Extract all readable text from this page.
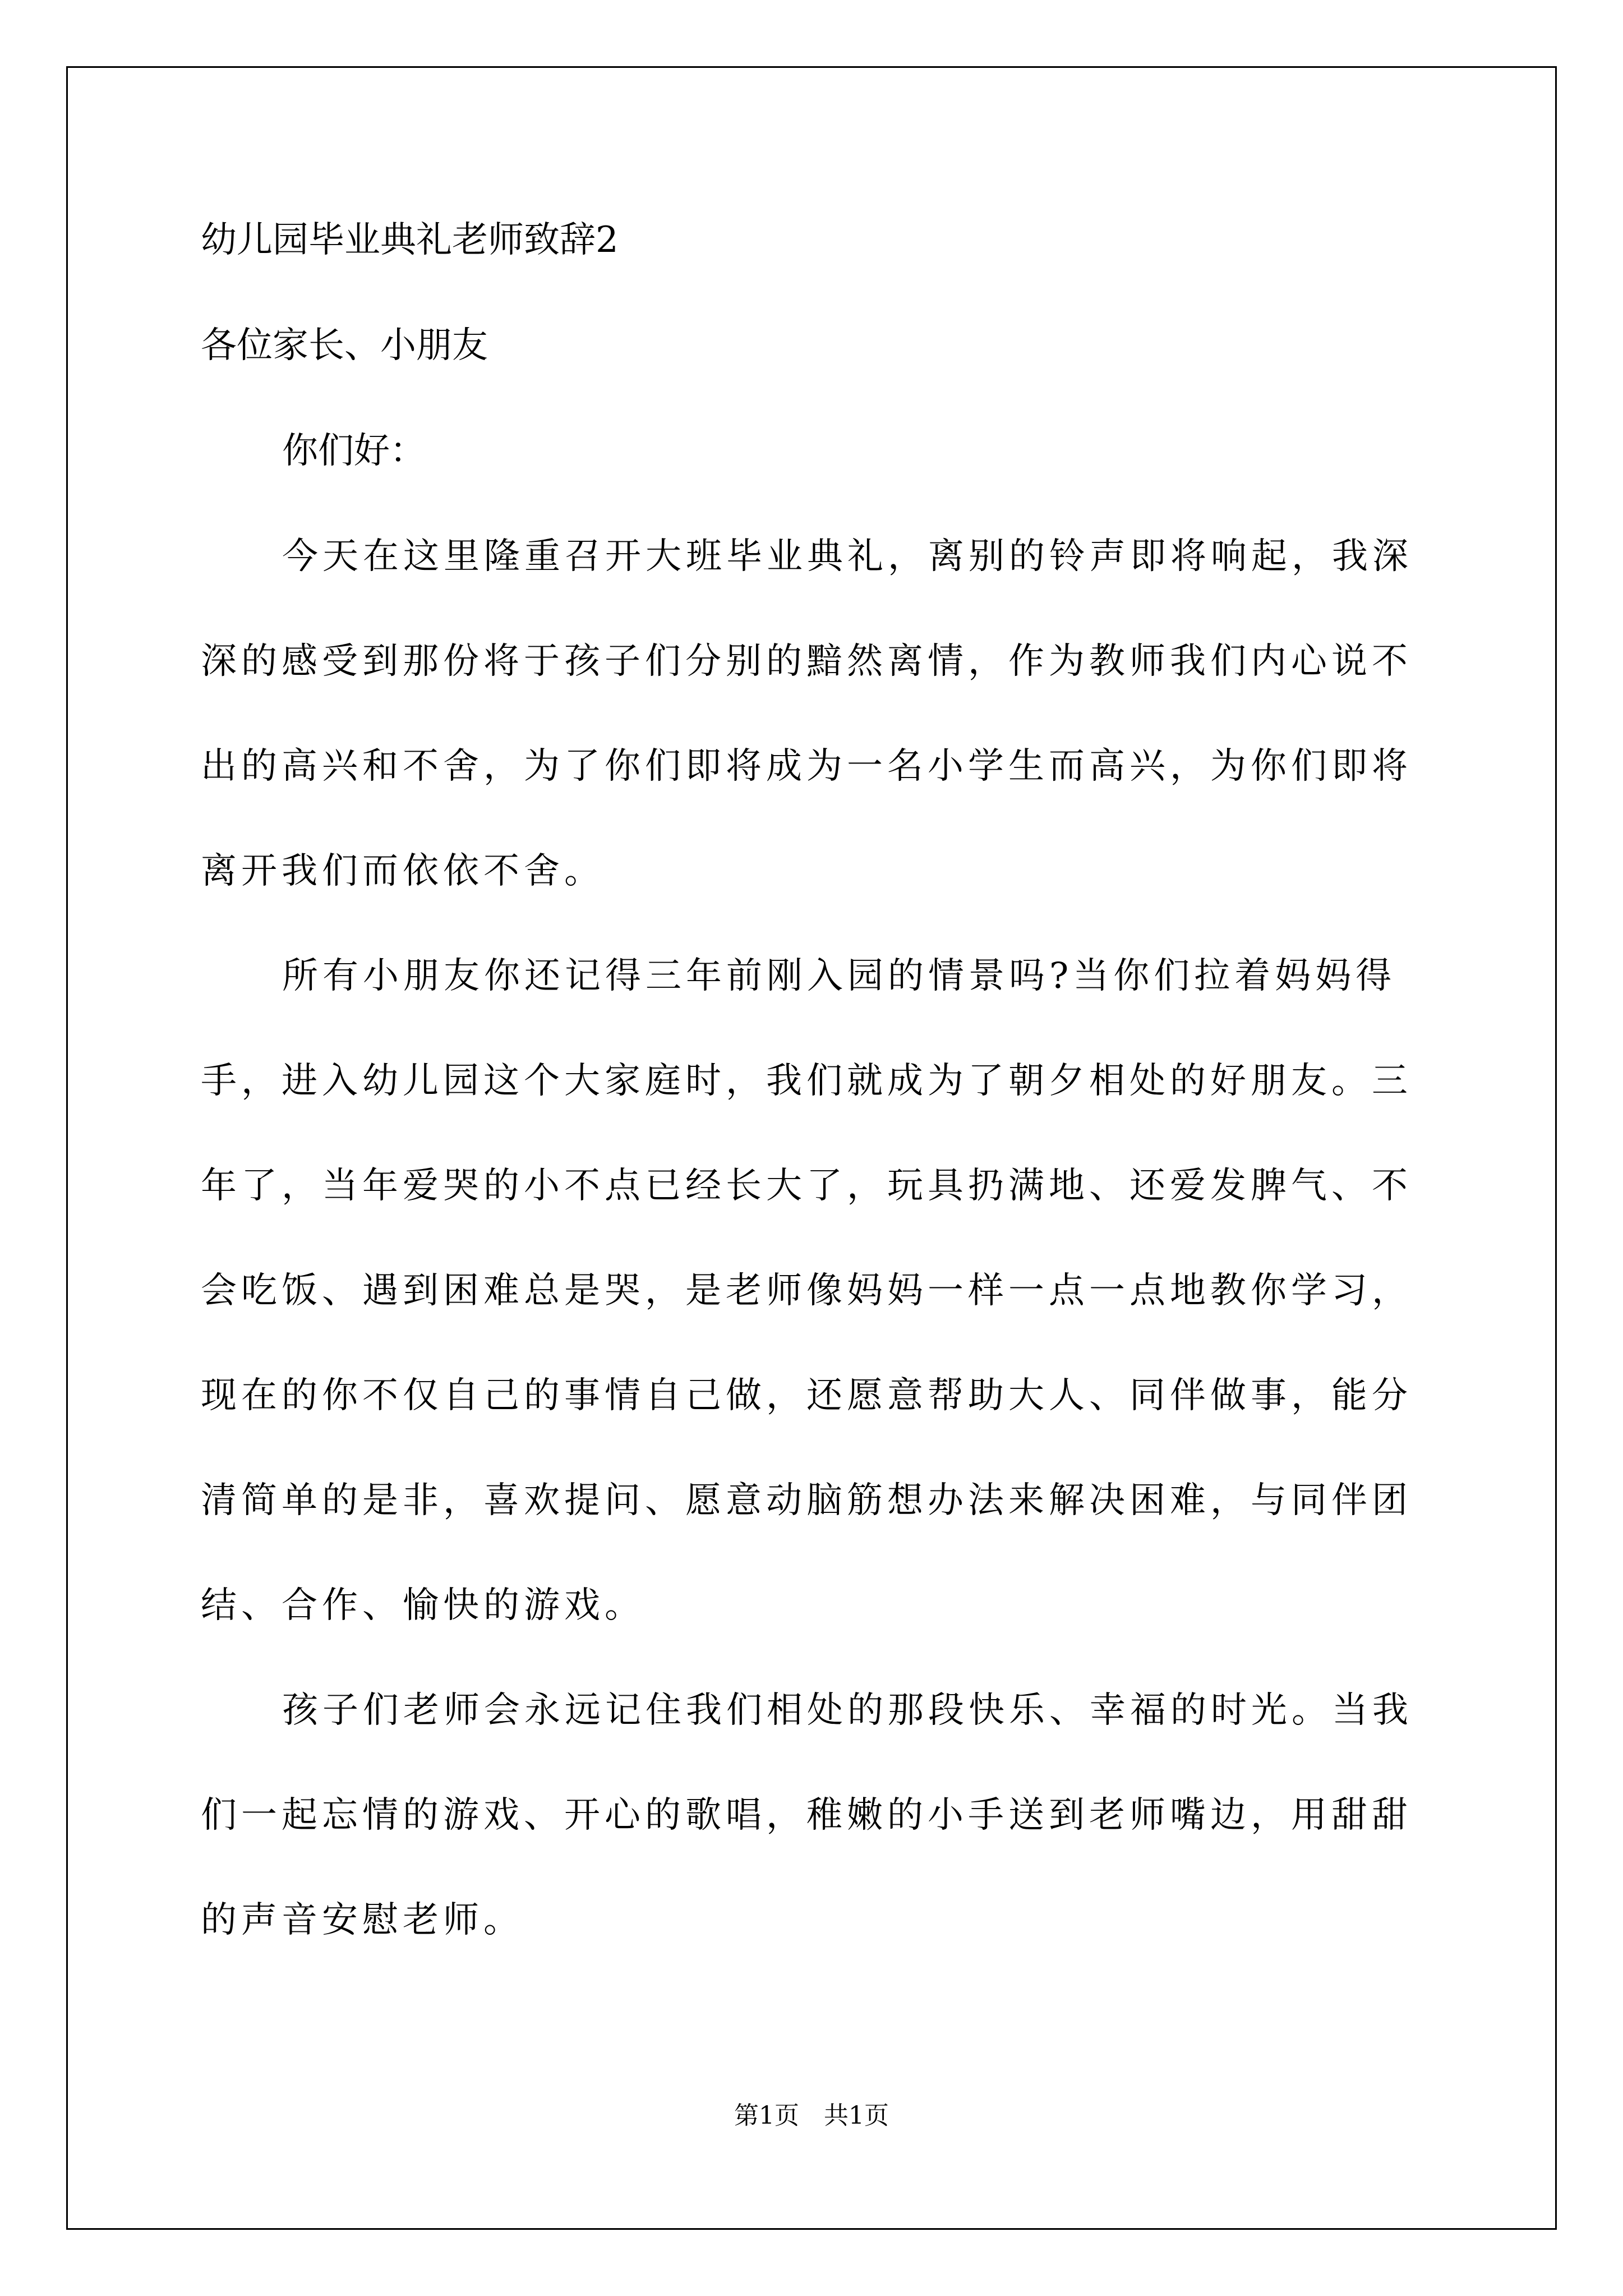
幼儿园毕业典礼老师致辞2
各位家长、小朋友
你们好：
今天在这里隆重召开大班毕业典礼，离别的铃声即将响起，我深
深的感受到那份将于孩子们分别的黯然离情，作为教师我们内心说不
出的高兴和不舍，为了你们即将成为一名小学生而高兴，为你们即将
离开我们而依依不舍。
所有小朋友你还记得三年前刚入园的情景吗?当你们拉着妈妈得
手，进入幼儿园这个大家庭时，我们就成为了朝夕相处的好朋友。三
年了，当年爱哭的小不点已经长大了，玩具扔满地、还爱发脾气、不
会吃饭、遇到困难总是哭，是老师像妈妈一样一点一点地教你学习，
现在的你不仅自己的事情自己做，还愿意帮助大人、同伴做事，能分
清简单的是非，喜欢提问、愿意动脑筋想办法来解决困难，与同伴团
结、合作、愉快的游戏。
孩子们老师会永远记住我们相处的那段快乐、幸福的时光。当我
们一起忘情的游戏、开心的歌唱，稚嫩的小手送到老师嘴边，用甜甜
的声音安慰老师。
第1页　共1页
